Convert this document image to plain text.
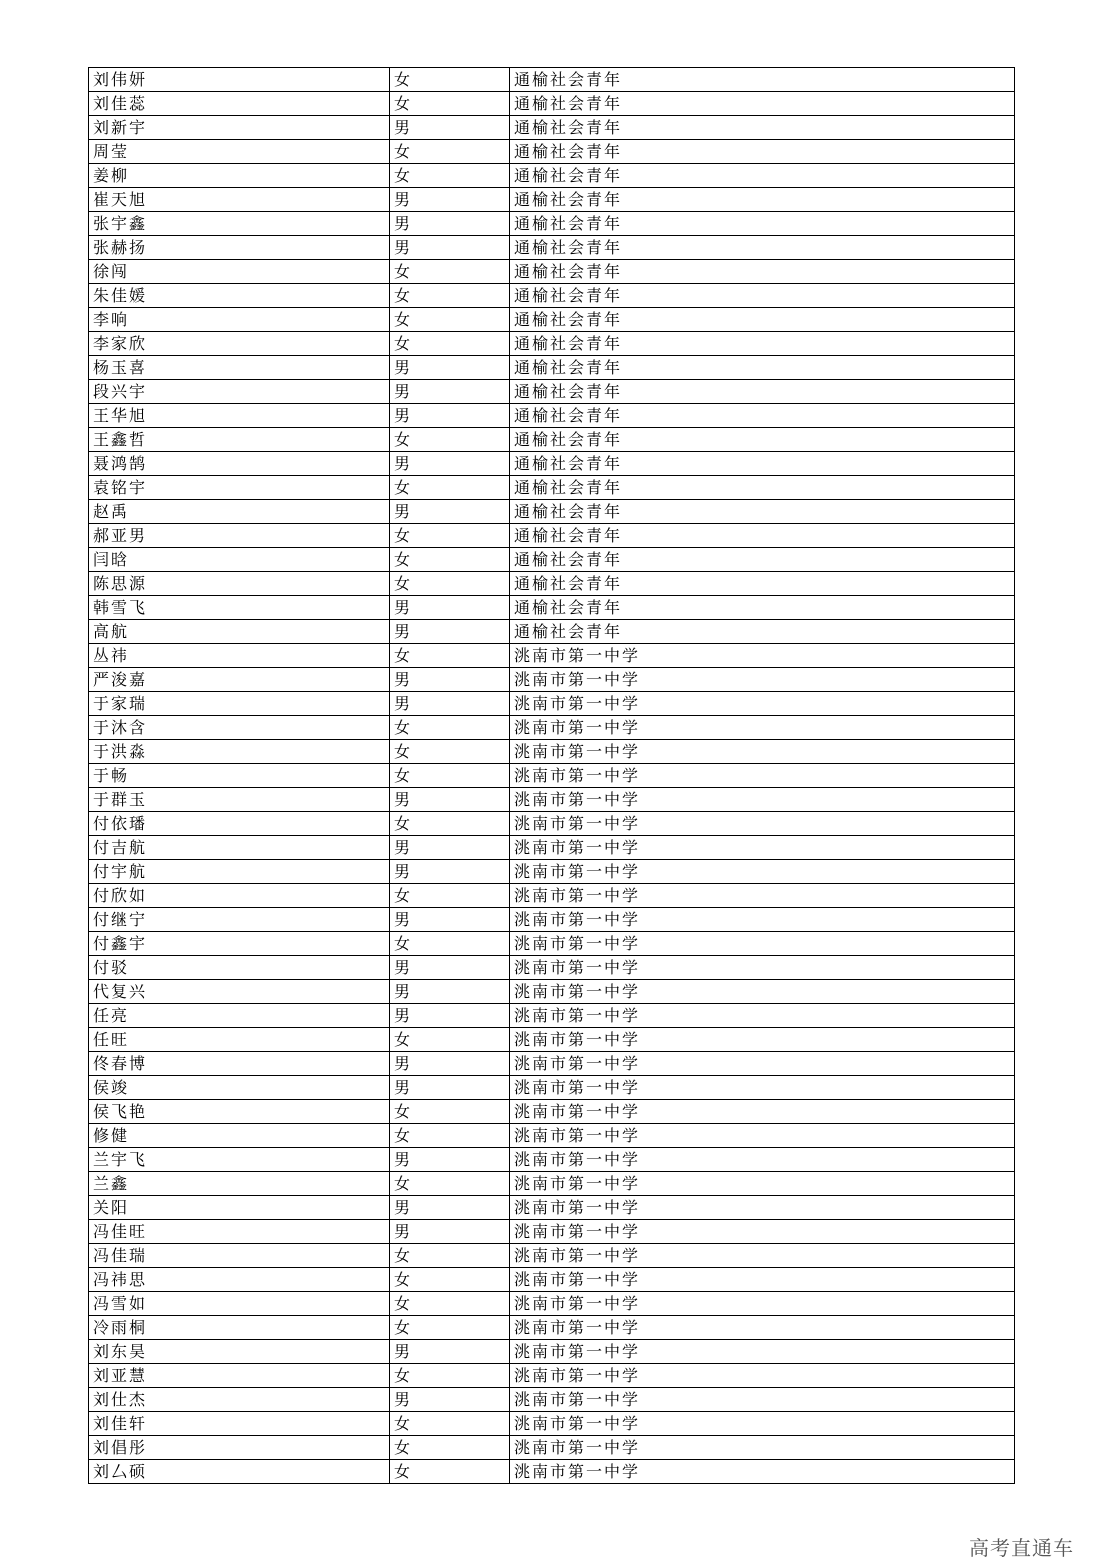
刘伟妍	女	通榆社会青年
刘佳蕊	女	通榆社会青年
刘新宇	男	通榆社会青年
周莹	女	通榆社会青年
姜柳	女	通榆社会青年
崔天旭	男	通榆社会青年
张宇鑫	男	通榆社会青年
张赫扬	男	通榆社会青年
徐闯	女	通榆社会青年
朱佳媛	女	通榆社会青年
李响	女	通榆社会青年
李家欣	女	通榆社会青年
杨玉喜	男	通榆社会青年
段兴宇	男	通榆社会青年
王华旭	男	通榆社会青年
王鑫哲	女	通榆社会青年
聂鸿鹄	男	通榆社会青年
袁铭宇	女	通榆社会青年
赵禹	男	通榆社会青年
郝亚男	女	通榆社会青年
闫晗	女	通榆社会青年
陈思源	女	通榆社会青年
韩雪飞	男	通榆社会青年
高航	男	通榆社会青年
丛祎	女	洮南市第一中学
严浚嘉	男	洮南市第一中学
于家瑞	男	洮南市第一中学
于沐含	女	洮南市第一中学
于洪淼	女	洮南市第一中学
于畅	女	洮南市第一中学
于群玉	男	洮南市第一中学
付依璠	女	洮南市第一中学
付吉航	男	洮南市第一中学
付宇航	男	洮南市第一中学
付欣如	女	洮南市第一中学
付继宁	男	洮南市第一中学
付鑫宇	女	洮南市第一中学
付驳	男	洮南市第一中学
代复兴	男	洮南市第一中学
任亮	男	洮南市第一中学
任旺	女	洮南市第一中学
佟春博	男	洮南市第一中学
侯竣	男	洮南市第一中学
侯飞艳	女	洮南市第一中学
修健	女	洮南市第一中学
兰宇飞	男	洮南市第一中学
兰鑫	女	洮南市第一中学
关阳	男	洮南市第一中学
冯佳旺	男	洮南市第一中学
冯佳瑞	女	洮南市第一中学
冯祎思	女	洮南市第一中学
冯雪如	女	洮南市第一中学
冷雨桐	女	洮南市第一中学
刘东昊	男	洮南市第一中学
刘亚慧	女	洮南市第一中学
刘仕杰	男	洮南市第一中学
刘佳轩	女	洮南市第一中学
刘倡彤	女	洮南市第一中学
刘厶硕	女	洮南市第一中学
高考直通车
